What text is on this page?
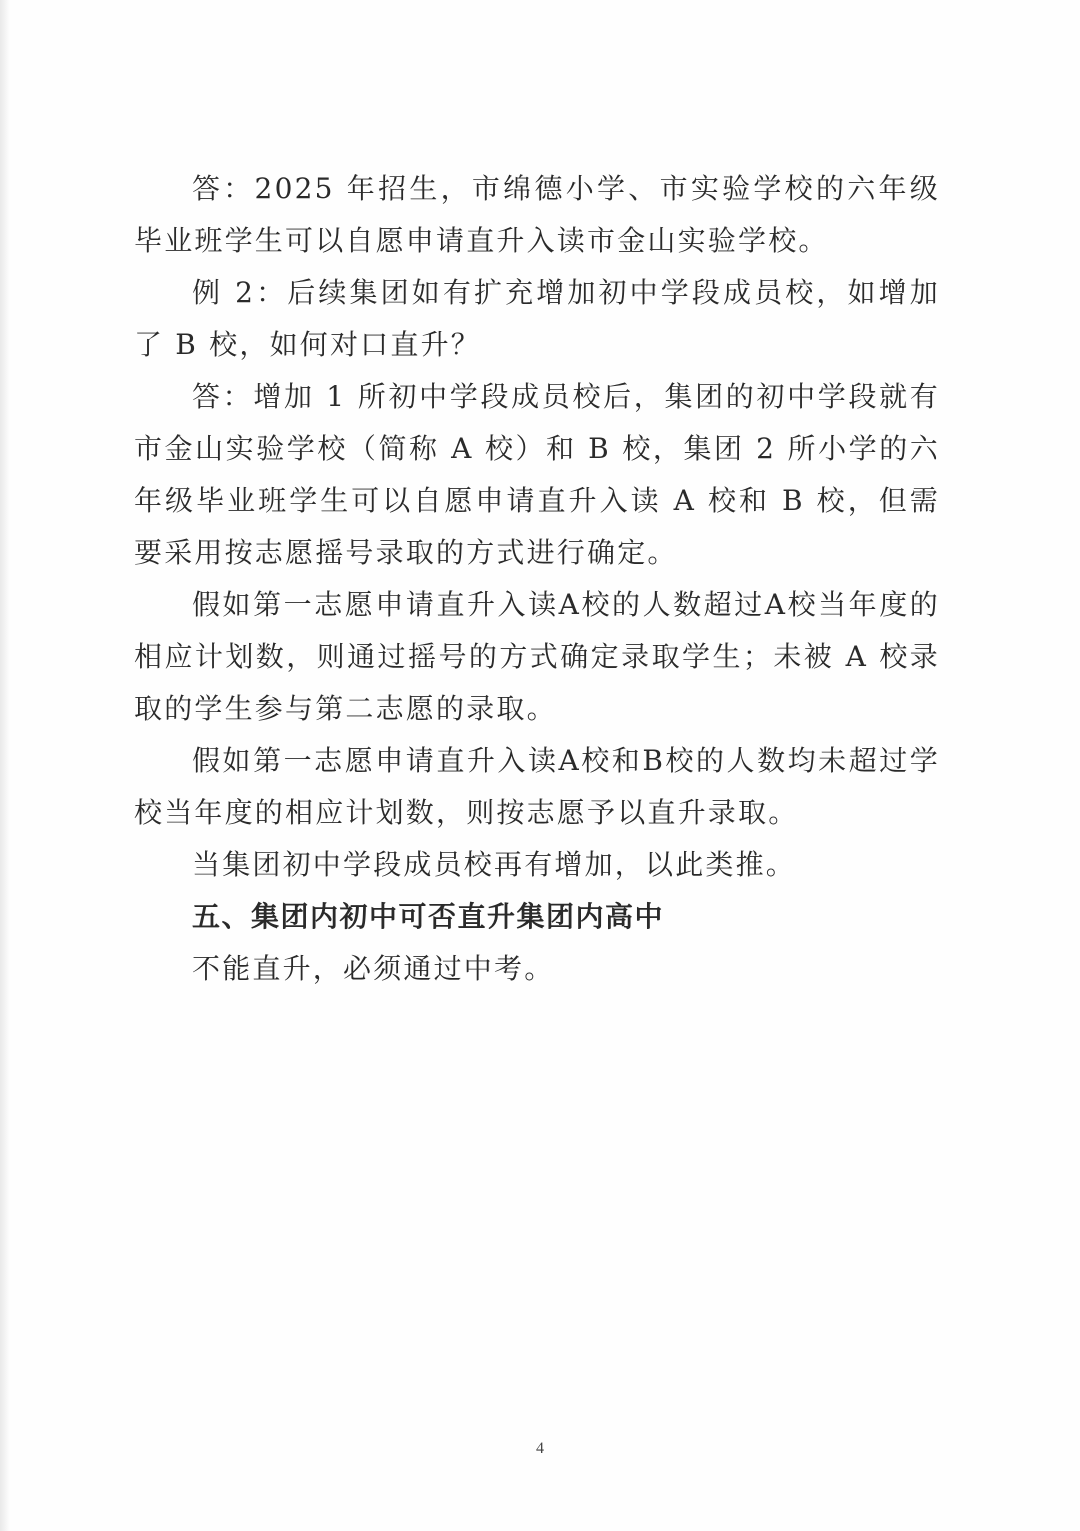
答：2025 年招生，市绵德小学、市实验学校的六年级毕业班学生可以自愿申请直升入读市金山实验学校。

例 2：后续集团如有扩充增加初中学段成员校，如增加了 B 校，如何对口直升？

答：增加 1 所初中学段成员校后，集团的初中学段就有市金山实验学校（简称 A 校）和 B 校，集团 2 所小学的六年级毕业班学生可以自愿申请直升入读 A 校和 B 校，但需要采用按志愿摇号录取的方式进行确定。

假如第一志愿申请直升入读A校的人数超过A校当年度的相应计划数，则通过摇号的方式确定录取学生；未被 A 校录取的学生参与第二志愿的录取。

假如第一志愿申请直升入读A校和B校的人数均未超过学校当年度的相应计划数，则按志愿予以直升录取。

当集团初中学段成员校再有增加，以此类推。

五、集团内初中可否直升集团内高中

不能直升，必须通过中考。

4
